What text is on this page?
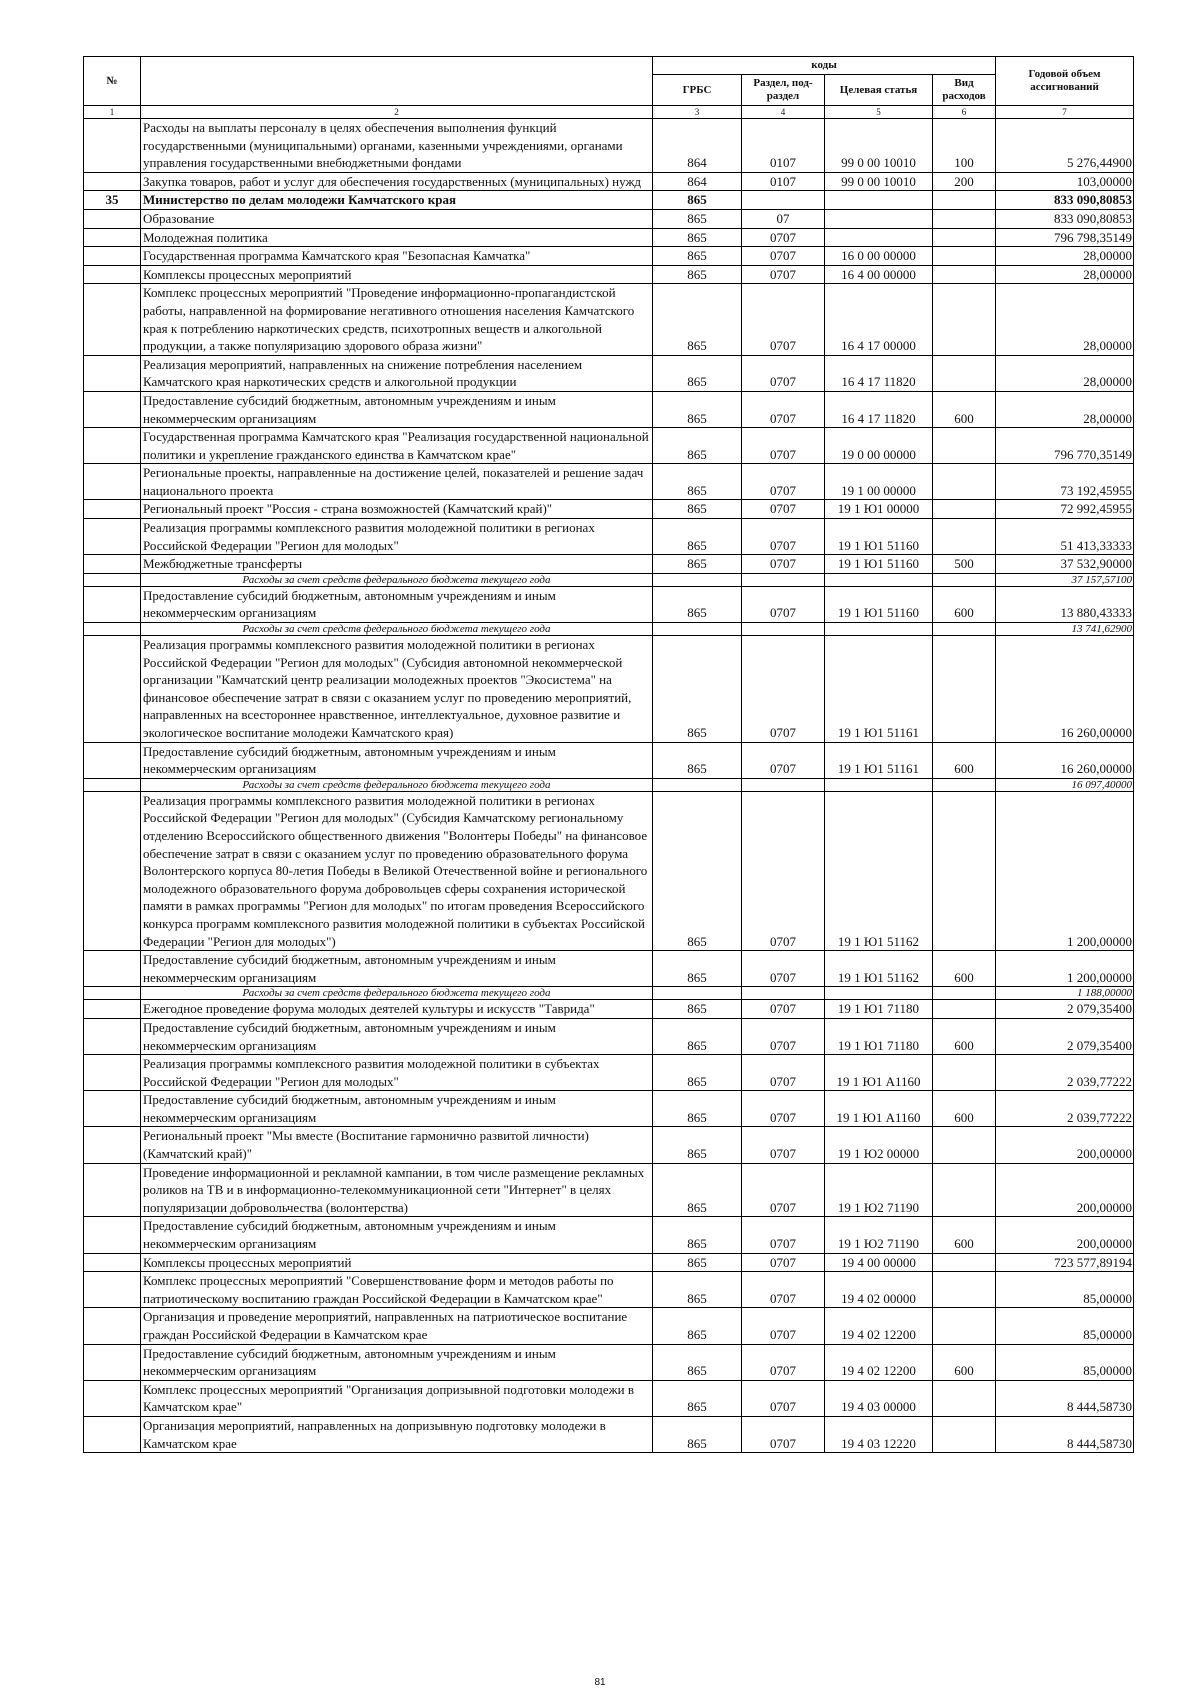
№		коды				Годовой объем ассигнований
		ГРБС	Раздел, под-раздел	Целевая статья	Вид расходов	
1	2	3	4	5	6	7
	Расходы на выплаты персоналу в целях обеспечения выполнения функций государственными (муниципальными) органами, казенными учреждениями, органами управления государственными внебюджетными фондами	864	0107	99 0 00 10010	100	5 276,44900
	Закупка товаров, работ и услуг для обеспечения государственных (муниципальных) нужд	864	0107	99 0 00 10010	200	103,00000
35	Министерство по делам молодежи Камчатского края	865				833 090,80853
	Образование	865	07			833 090,80853
	Молодежная политика	865	0707			796 798,35149
	Государственная программа Камчатского края "Безопасная Камчатка"	865	0707	16 0 00 00000		28,00000
	Комплексы процессных мероприятий	865	0707	16 4 00 00000		28,00000
	Комплекс процессных мероприятий "Проведение информационно-пропагандистской работы, направленной на формирование негативного отношения населения Камчатского края к потреблению наркотических средств, психотропных веществ и алкогольной продукции, а также популяризацию здорового образа жизни"	865	0707	16 4 17 00000		28,00000
	Реализация мероприятий, направленных на снижение потребления населением Камчатского края наркотических средств и алкогольной продукции	865	0707	16 4 17 11820		28,00000
	Предоставление субсидий бюджетным, автономным учреждениям и иным некоммерческим организациям	865	0707	16 4 17 11820	600	28,00000
	Государственная программа Камчатского края "Реализация государственной национальной политики и укрепление гражданского единства в Камчатском крае"	865	0707	19 0 00 00000		796 770,35149
	Региональные проекты, направленные на достижение целей, показателей и решение задач национального проекта	865	0707	19 1 00 00000		73 192,45955
	Региональный проект "Россия - страна возможностей (Камчатский край)"	865	0707	19 1 Ю1 00000		72 992,45955
	Реализация программы комплексного развития молодежной политики в регионах Российской Федерации "Регион для молодых"	865	0707	19 1 Ю1 51160		51 413,33333
	Межбюджетные трансферты	865	0707	19 1 Ю1 51160	500	37 532,90000
	Расходы за счет средств федерального бюджета текущего года					37 157,57100
	Предоставление субсидий бюджетным, автономным учреждениям и иным некоммерческим организациям	865	0707	19 1 Ю1 51160	600	13 880,43333
	Расходы за счет средств федерального бюджета текущего года					13 741,62900
	Реализация программы комплексного развития молодежной политики в регионах Российской Федерации "Регион для молодых" (Субсидия автономной некоммерческой организации "Камчатский центр реализации молодежных проектов "Экосистема" на финансовое обеспечение затрат в связи с оказанием услуг по проведению мероприятий, направленных на всестороннее нравственное, интеллектуальное, духовное развитие и экологическое воспитание молодежи Камчатского края)	865	0707	19 1 Ю1 51161		16 260,00000
	Предоставление субсидий бюджетным, автономным учреждениям и иным некоммерческим организациям	865	0707	19 1 Ю1 51161	600	16 260,00000
	Расходы за счет средств федерального бюджета текущего года					16 097,40000
	Реализация программы комплексного развития молодежной политики в регионах Российской Федерации "Регион для молодых" (Субсидия Камчатскому региональному отделению Всероссийского общественного движения "Волонтеры Победы" на финансовое обеспечение затрат в связи с оказанием услуг по проведению образовательного форума Волонтерского корпуса 80-летия Победы в Великой Отечественной войне и регионального молодежного образовательного форума добровольцев сферы сохранения исторической памяти в рамках программы "Регион для молодых" по итогам проведения Всероссийского конкурса программ комплексного развития молодежной политики в субъектах Российской Федерации "Регион для молодых")	865	0707	19 1 Ю1 51162		1 200,00000
	Предоставление субсидий бюджетным, автономным учреждениям и иным некоммерческим организациям	865	0707	19 1 Ю1 51162	600	1 200,00000
	Расходы за счет средств федерального бюджета текущего года					1 188,00000
	Ежегодное проведение форума молодых деятелей культуры и искусств "Таврида"	865	0707	19 1 Ю1 71180		2 079,35400
	Предоставление субсидий бюджетным, автономным учреждениям и иным некоммерческим организациям	865	0707	19 1 Ю1 71180	600	2 079,35400
	Реализация программы комплексного развития молодежной политики в субъектах Российской Федерации "Регион для молодых"	865	0707	19 1 Ю1 А1160		2 039,77222
	Предоставление субсидий бюджетным, автономным учреждениям и иным некоммерческим организациям	865	0707	19 1 Ю1 А1160	600	2 039,77222
	Региональный проект "Мы вместе (Воспитание гармонично развитой личности) (Камчатский край)"	865	0707	19 1 Ю2 00000		200,00000
	Проведение информационной и рекламной кампании, в том числе размещение рекламных роликов на ТВ и в информационно-телекоммуникационной сети "Интернет" в целях популяризации добровольчества (волонтерства)	865	0707	19 1 Ю2 71190		200,00000
	Предоставление субсидий бюджетным, автономным учреждениям и иным некоммерческим организациям	865	0707	19 1 Ю2 71190	600	200,00000
	Комплексы процессных мероприятий	865	0707	19 4 00 00000		723 577,89194
	Комплекс процессных мероприятий "Совершенствование форм и методов работы по патриотическому воспитанию граждан Российской Федерации в Камчатском крае"	865	0707	19 4 02 00000		85,00000
	Организация и проведение мероприятий, направленных на патриотическое воспитание граждан Российской Федерации в Камчатском крае	865	0707	19 4 02 12200		85,00000
	Предоставление субсидий бюджетным, автономным учреждениям и иным некоммерческим организациям	865	0707	19 4 02 12200	600	85,00000
	Комплекс процессных мероприятий "Организация допризывной подготовки молодежи в Камчатском крае"	865	0707	19 4 03 00000		8 444,58730
	Организация мероприятий, направленных на допризывную подготовку молодежи в Камчатском крае	865	0707	19 4 03 12220		8 444,58730
81
